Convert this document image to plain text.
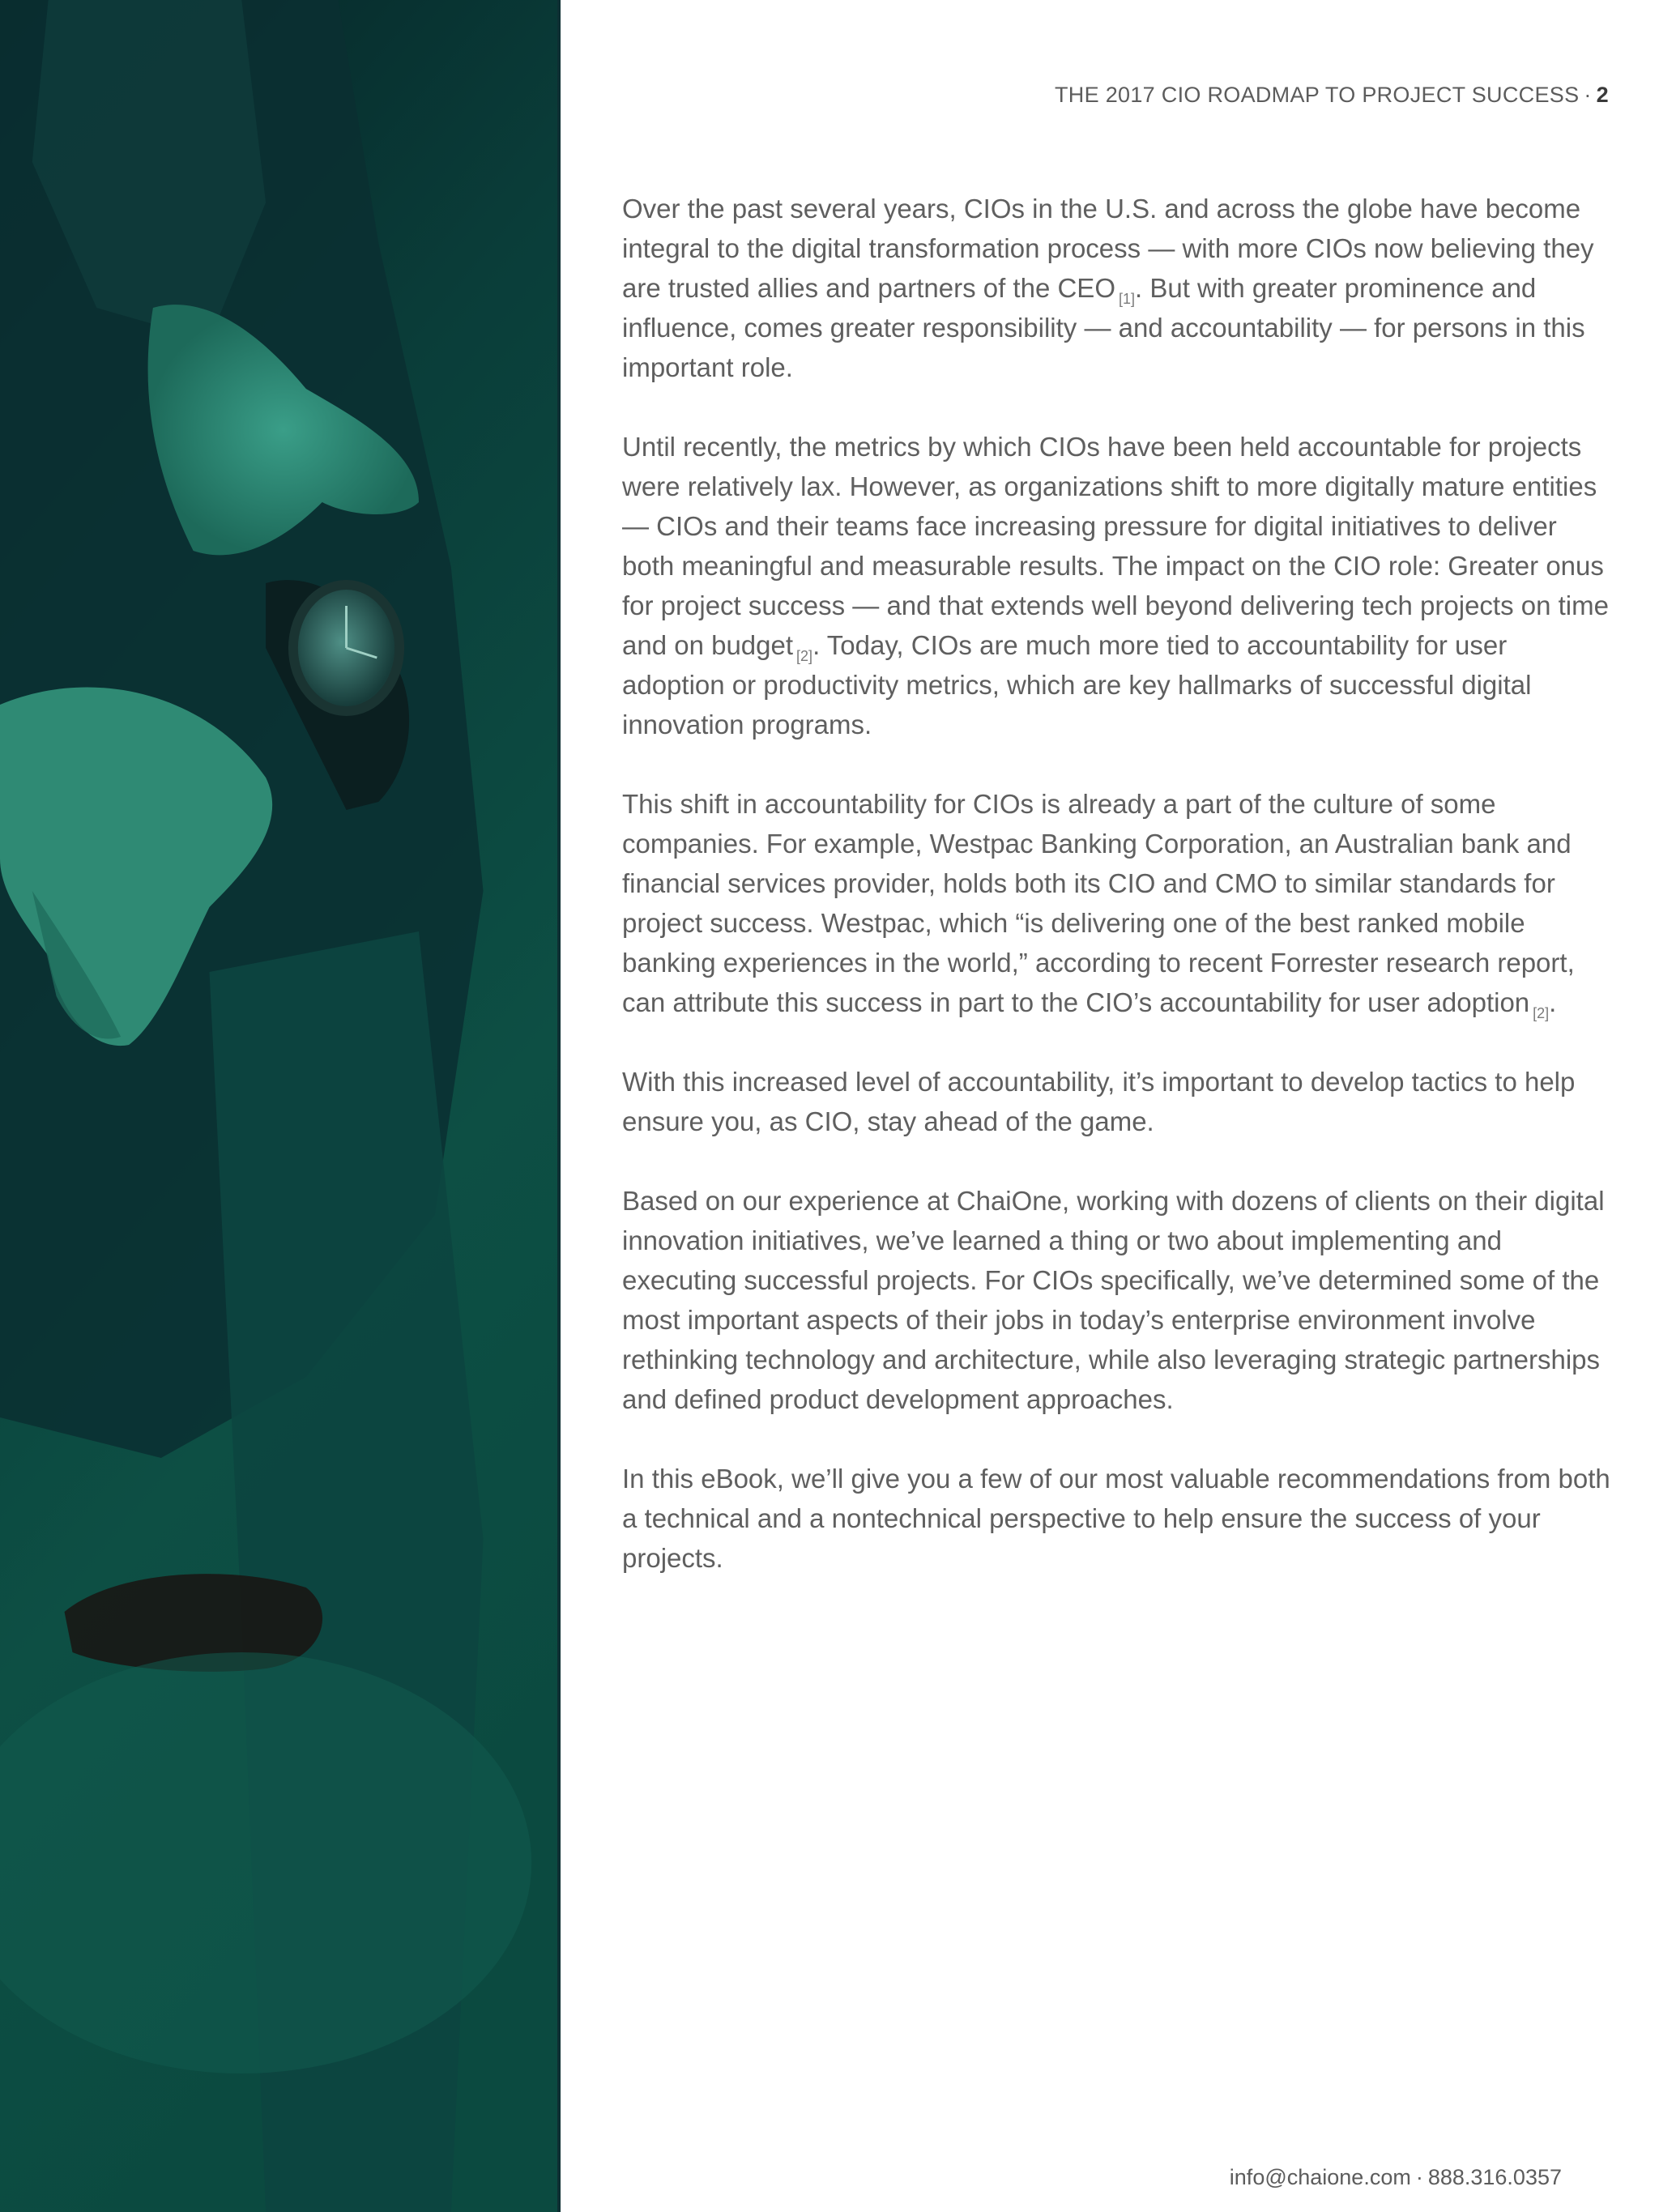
THE 2017 CIO ROADMAP TO PROJECT SUCCESS · 2

Over the past several years, CIOs in the U.S. and across the globe have become integral to the digital transformation process — with more CIOs now believing they are trusted allies and partners of the CEO [1]. But with greater prominence and influence, comes greater responsibility — and accountability — for persons in this important role.

Until recently, the metrics by which CIOs have been held accountable for projects were relatively lax. However, as organizations shift to more digitally mature entities — CIOs and their teams face increasing pressure for digital initiatives to deliver both meaningful and measurable results. The impact on the CIO role: Greater onus for project success — and that extends well beyond delivering tech projects on time and on budget [2]. Today, CIOs are much more tied to accountability for user adoption or productivity metrics, which are key hallmarks of successful digital innovation programs.

This shift in accountability for CIOs is already a part of the culture of some companies. For example, Westpac Banking Corporation, an Australian bank and financial services provider, holds both its CIO and CMO to similar standards for project success. Westpac, which “is delivering one of the best ranked mobile banking experiences in the world,” according to recent Forrester research report, can attribute this success in part to the CIO’s accountability for user adoption [2].

With this increased level of accountability, it’s important to develop tactics to help ensure you, as CIO, stay ahead of the game.

Based on our experience at ChaiOne, working with dozens of clients on their digital innovation initiatives, we’ve learned a thing or two about implementing and executing successful projects. For CIOs specifically, we’ve determined some of the most important aspects of their jobs in today’s enterprise environment involve rethinking technology and architecture, while also leveraging strategic partnerships and defined product development approaches.

In this eBook, we’ll give you a few of our most valuable recommendations from both a technical and a nontechnical perspective to help ensure the success of your projects.

info@chaione.com · 888.316.0357
